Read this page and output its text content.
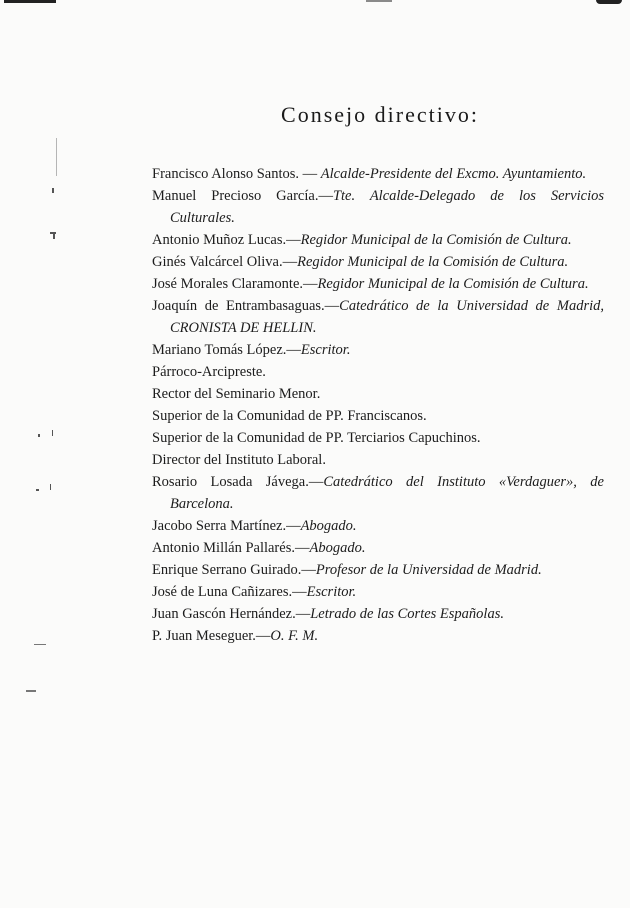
Consejo directivo:
Francisco Alonso Santos. — Alcalde-Presidente del Excmo. Ayuntamiento.
Manuel Precioso García.—Tte. Alcalde-Delegado de los Servicios Culturales.
Antonio Muñoz Lucas.—Regidor Municipal de la Comisión de Cultura.
Ginés Valcárcel Oliva.—Regidor Municipal de la Comisión de Cultura.
José Morales Claramonte.—Regidor Municipal de la Comisión de Cultura.
Joaquín de Entrambasaguas.—Catedrático de la Universidad de Madrid, CRONISTA DE HELLIN.
Mariano Tomás López.—Escritor.
Párroco-Arcipreste.
Rector del Seminario Menor.
Superior de la Comunidad de PP. Franciscanos.
Superior de la Comunidad de PP. Terciarios Capuchinos.
Director del Instituto Laboral.
Rosario Losada Jávega.—Catedrático del Instituto «Verdaguer», de Barcelona.
Jacobo Serra Martínez.—Abogado.
Antonio Millán Pallarés.—Abogado.
Enrique Serrano Guirado.—Profesor de la Universidad de Madrid.
José de Luna Cañizares.—Escritor.
Juan Gascón Hernández.—Letrado de las Cortes Españolas.
P. Juan Meseguer.—O. F. M.
